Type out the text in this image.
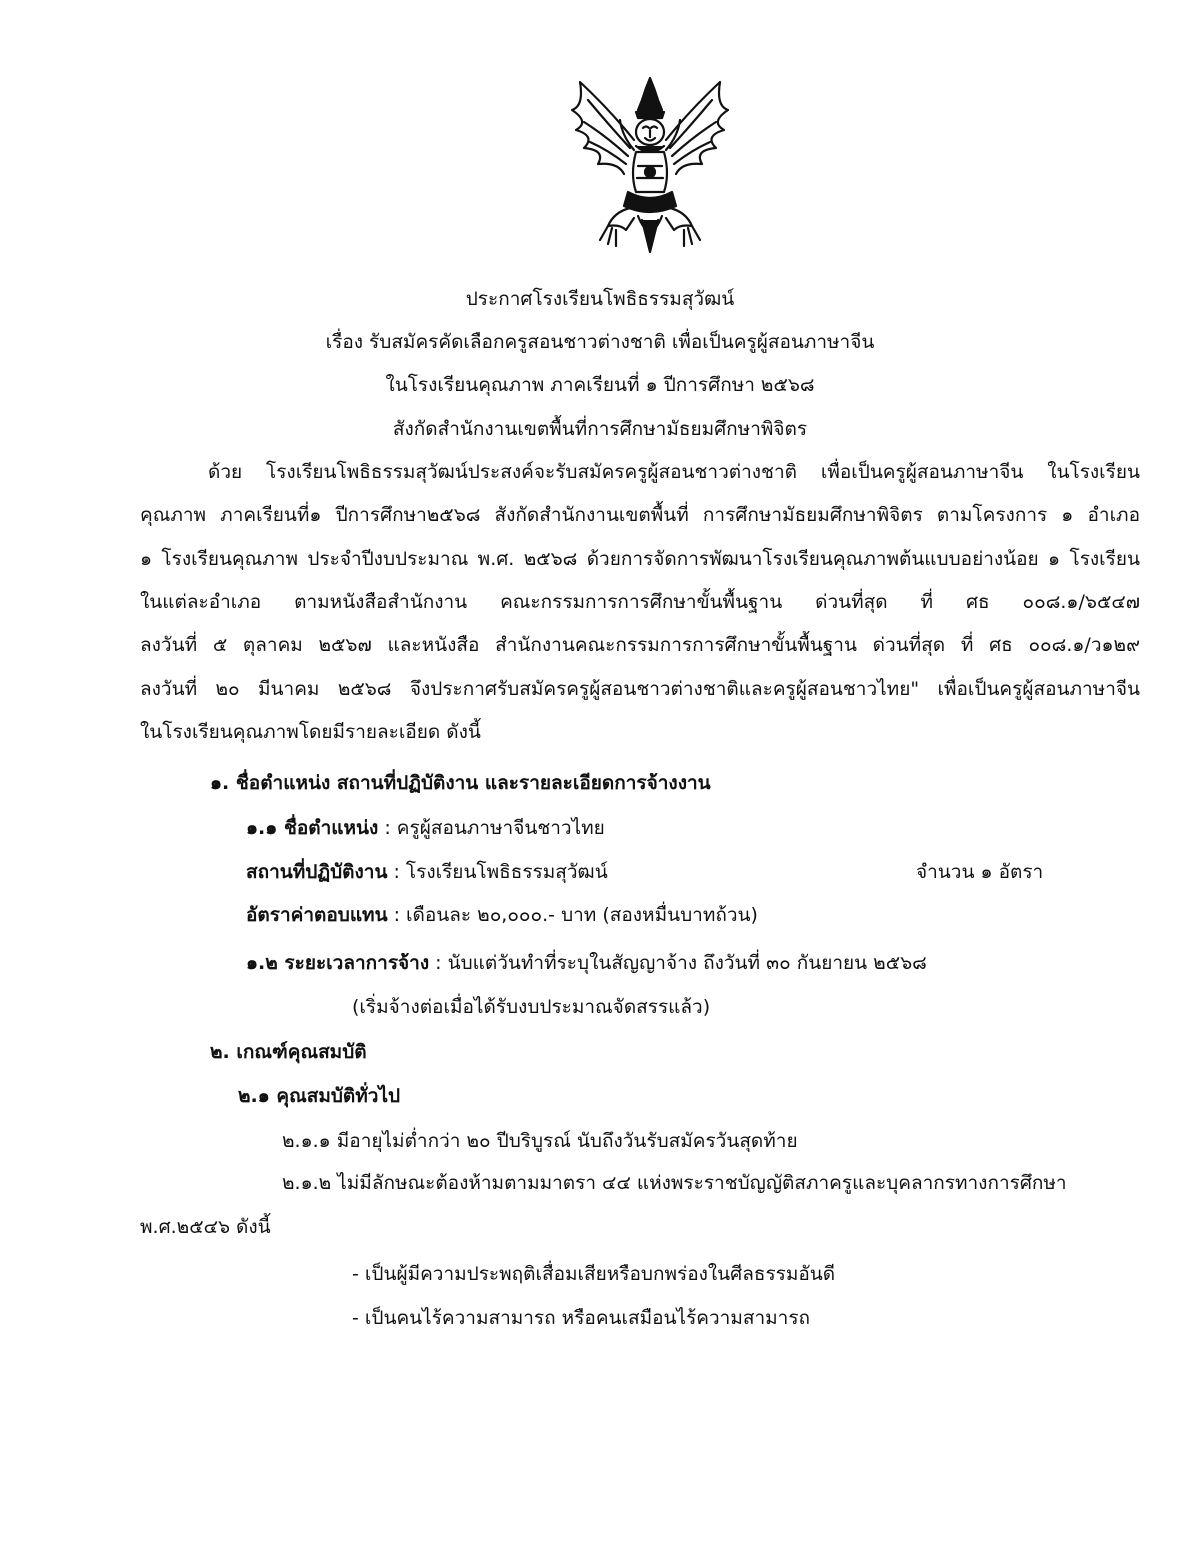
ประกาศโรงเรียนโพธิธรรมสุวัฒน์
เรื่อง รับสมัครคัดเลือกครูสอนชาวต่างชาติ เพื่อเป็นครูผู้สอนภาษาจีน
ในโรงเรียนคุณภาพ ภาคเรียนที่ ๑ ปีการศึกษา ๒๕๖๘
สังกัดสำนักงานเขตพื้นที่การศึกษามัธยมศึกษาพิจิตร
ด้วย โรงเรียนโพธิธรรมสุวัฒน์ประสงค์จะรับสมัครครูผู้สอนชาวต่างชาติ เพื่อเป็นครูผู้สอนภาษาจีน ในโรงเรียน
คุณภาพ ภาคเรียนที่๑ ปีการศึกษา๒๕๖๘ สังกัดสำนักงานเขตพื้นที่ การศึกษามัธยมศึกษาพิจิตร ตามโครงการ ๑ อำเภอ
๑ โรงเรียนคุณภาพ ประจำปีงบประมาณ พ.ศ. ๒๕๖๘ ด้วยการจัดการพัฒนาโรงเรียนคุณภาพต้นแบบอย่างน้อย ๑ โรงเรียน
ในแต่ละอำเภอ ตามหนังสือสำนักงาน คณะกรรมการการศึกษาขั้นพื้นฐาน ด่วนที่สุด ที่ ศธ ๐๐๘.๑/๖๕๔๗
ลงวันที่ ๕ ตุลาคม ๒๕๖๗ และหนังสือ สำนักงานคณะกรรมการการศึกษาขั้นพื้นฐาน ด่วนที่สุด ที่ ศธ ๐๐๘.๑/ว๑๒๙
ลงวันที่ ๒๐ มีนาคม ๒๕๖๘ จึงประกาศรับสมัครครูผู้สอนชาวต่างชาติและครูผู้สอนชาวไทย" เพื่อเป็นครูผู้สอนภาษาจีน
ในโรงเรียนคุณภาพโดยมีรายละเอียด ดังนี้
๑. ชื่อตำแหน่ง สถานที่ปฏิบัติงาน และรายละเอียดการจ้างงาน
๑.๑ ชื่อตำแหน่ง : ครูผู้สอนภาษาจีนชาวไทย
สถานที่ปฏิบัติงาน : โรงเรียนโพธิธรรมสุวัฒน์	จำนวน ๑ อัตรา
อัตราค่าตอบแทน : เดือนละ ๒๐,๐๐๐.- บาท (สองหมื่นบาทถ้วน)
๑.๒ ระยะเวลาการจ้าง : นับแต่วันทำที่ระบุในสัญญาจ้าง ถึงวันที่ ๓๐ กันยายน ๒๕๖๘
(เริ่มจ้างต่อเมื่อได้รับงบประมาณจัดสรรแล้ว)
๒. เกณฑ์คุณสมบัติ
๒.๑ คุณสมบัติทั่วไป
๒.๑.๑ มีอายุไม่ต่ำกว่า ๒๐ ปีบริบูรณ์ นับถึงวันรับสมัครวันสุดท้าย
๒.๑.๒ ไม่มีลักษณะต้องห้ามตามมาตรา ๔๔ แห่งพระราชบัญญัติสภาครูและบุคลากรทางการศึกษา
พ.ศ.๒๕๔๖ ดังนี้
- เป็นผู้มีความประพฤติเสื่อมเสียหรือบกพร่องในศีลธรรมอันดี
- เป็นคนไร้ความสามารถ หรือคนเสมือนไร้ความสามารถ
